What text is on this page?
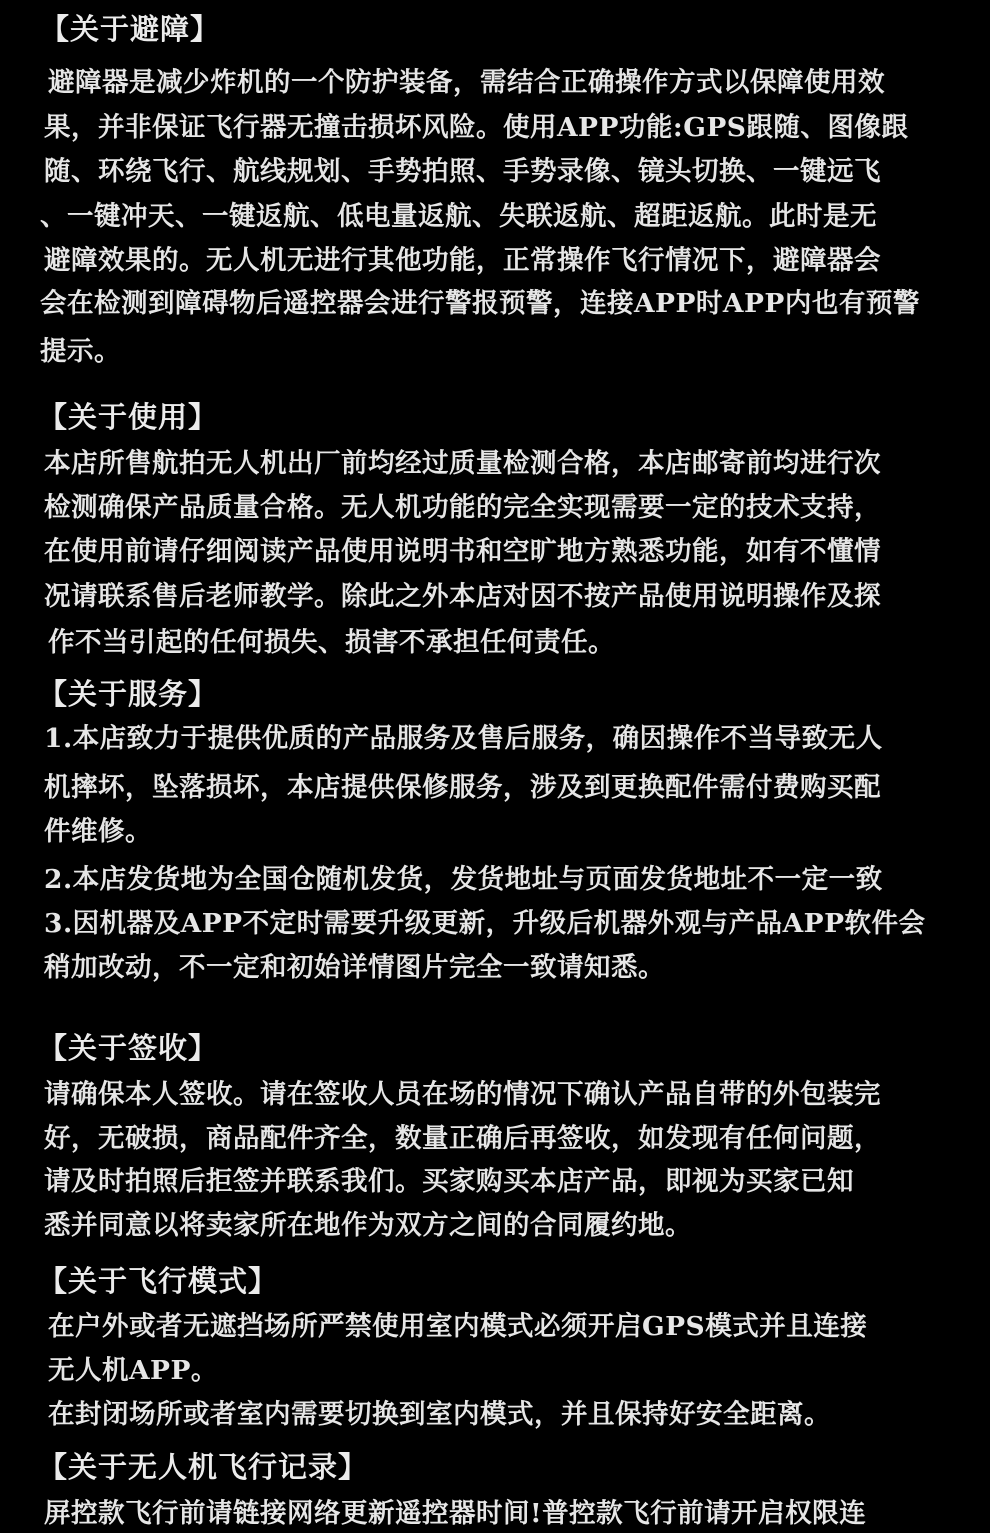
【关于避障】
避障器是减少炸机的一个防护装备，需结合正确操作方式以保障使用效
果，并非保证飞行器无撞击损坏风险。使用APP功能:GPS跟随、图像跟
随、环绕飞行、航线规划、手势拍照、手势录像、镜头切换、一键远飞
、一键冲天、一键返航、低电量返航、失联返航、超距返航。此时是无
避障效果的。无人机无进行其他功能，正常操作飞行情况下，避障器会
会在检测到障碍物后遥控器会进行警报预警，连接APP时APP内也有预警
提示。
【关于使用】
本店所售航拍无人机出厂前均经过质量检测合格，本店邮寄前均进行次
检测确保产品质量合格。无人机功能的完全实现需要一定的技术支持，
在使用前请仔细阅读产品使用说明书和空旷地方熟悉功能，如有不懂情
况请联系售后老师教学。除此之外本店对因不按产品使用说明操作及探
作不当引起的任何损失、损害不承担任何责任。
【关于服务】
1.本店致力于提供优质的产品服务及售后服务，确因操作不当导致无人
机摔坏，坠落损坏，本店提供保修服务，涉及到更换配件需付费购买配
件维修。
2.本店发货地为全国仓随机发货，发货地址与页面发货地址不一定一致
3.因机器及APP不定时需要升级更新，升级后机器外观与产品APP软件会
稍加改动，不一定和初始详情图片完全一致请知悉。
【关于签收】
请确保本人签收。请在签收人员在场的情况下确认产品自带的外包装完
好，无破损，商品配件齐全，数量正确后再签收，如发现有任何问题，
请及时拍照后拒签并联系我们。买家购买本店产品，即视为买家已知
悉并同意以将卖家所在地作为双方之间的合同履约地。
【关于飞行模式】
在户外或者无遮挡场所严禁使用室内模式必须开启GPS模式并且连接
无人机APP。
在封闭场所或者室内需要切换到室内模式，并且保持好安全距离。
【关于无人机飞行记录】
屏控款飞行前请链接网络更新遥控器时间!普控款飞行前请开启权限连
